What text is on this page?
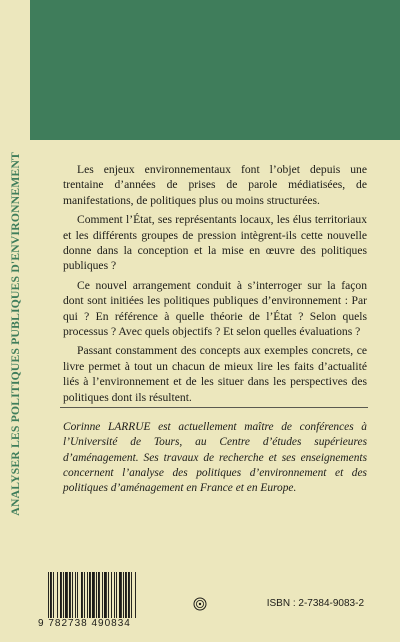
ANALYSER LES POLITIQUES PUBLIQUES D'ENVIRONNEMENT	Les enjeux environnementaux font l’objet depuis une trentaine d’années de prises de parole médiatisées, de manifestations, de politiques plus ou moins structurées.

Comment l’État, ses représentants locaux, les élus territoriaux et les différents groupes de pression intègrent-ils cette nouvelle donne dans la conception et la mise en œuvre des politiques publiques ?

Ce nouvel arrangement conduit à s’interroger sur la façon dont sont initiées les politiques publiques d’environnement : Par qui ? En référence à quelle théorie de l’État ? Selon quels processus ? Avec quels objectifs ? Et selon quelles évaluations ?

Passant constamment des concepts aux exemples concrets, ce livre permet à tout un chacun de mieux lire les faits d’actualité liés à l’environnement et de les situer dans les perspectives des politiques dont ils résultent.

Corinne LARRUE est actuellement maître de conférences à l’Université de Tours, au Centre d’études supérieures d’aménagement. Ses travaux de recherche et ses enseignements concernent l’analyse des politiques d’environnement et des politiques d’aménagement en France et en Europe.
9 782738 490834
ISBN : 2-7384-9083-2
